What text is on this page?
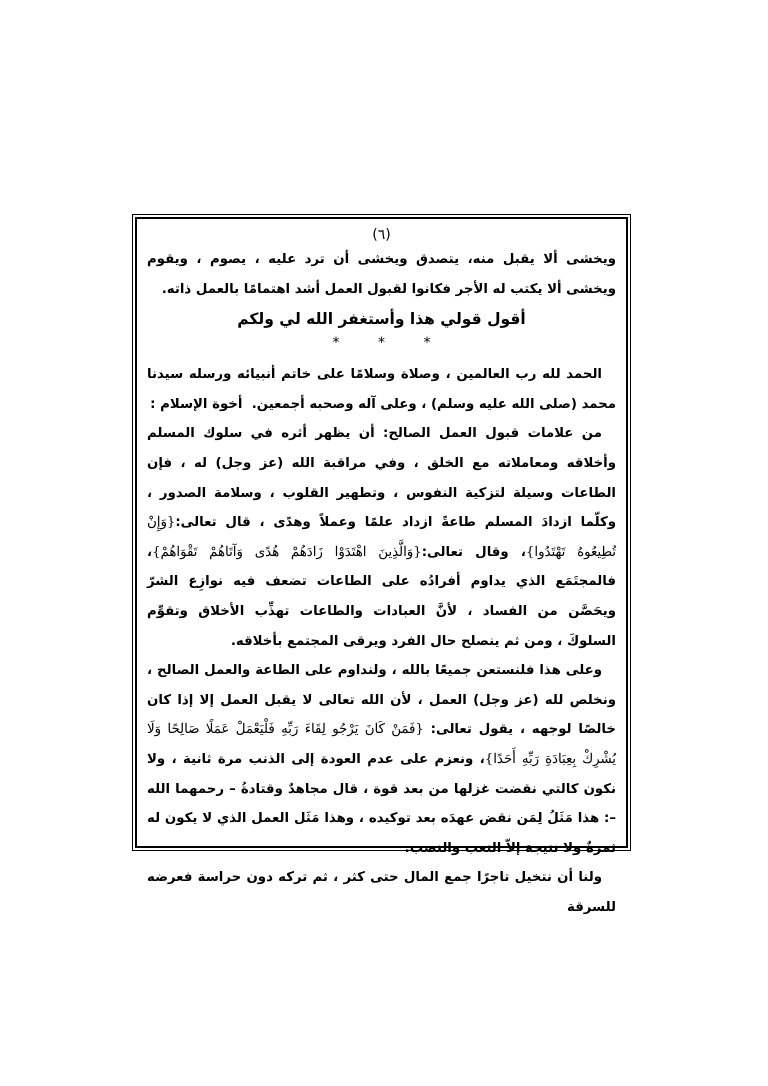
(٦)

ويخشى ألا يقبل منه، يتصدق ويخشى أن ترد عليه ، يصوم ، ويقوم ويخشى ألا يكتب له الأجر فكانوا لقبول العمل أشد اهتمامًا بالعمل ذاته.

أقول قولي هذا وأستغفر الله لي ولكم

* * *

الحمد لله رب العالمين ، وصلاة وسلامًا على خاتم أنبيائه ورسله سيدنا محمد (صلى الله عليه وسلم) ، وعلى آله وصحبه أجمعين.  أخوة الإسلام :

من علامات قبول العمل الصالح: أن يظهر أثره في سلوك المسلم وأخلاقه ومعاملاته مع الخلق ، وفي مراقبة الله (عز وجل) له ، فإن الطاعات وسيلة لتزكية النفوس ، وتطهير القلوب ، وسلامة الصدور ، وكلّما ازدادَ المسلم طاعةً ازداد علمًا وعملاً وهدًى ، قال تعالى:{وَإِنْ تُطِيعُوهُ تَهْتَدُوا}، وقال تعالى:{وَالَّذِينَ اهْتَدَوْا زَادَهُمْ هُدًى وَآتَاهُمْ تَقْوَاهُمْ}، فالمجتَمَع الذي يداوم أفرادُه على الطاعات تضعف فيه نوازِع الشرّ ويحَصَّن من الفساد ، لأنَّ العبادات والطاعات تهذِّب الأخلاق وتقوِّم السلوكَ ، ومن ثم ينصلح حال الفرد ويرقى المجتمع بأخلاقه.

وعلى هذا فلنستعن جميعًا بالله ، ولنداوم على الطاعة والعمل الصالح ، ونخلص لله (عز وجل) العمل ، لأن الله تعالى لا يقبل العمل إلا إذا كان خالصًا لوجهه ، يقول تعالى: {فَمَنْ كَانَ يَرْجُو لِقَاءَ رَبِّهِ فَلْيَعْمَلْ عَمَلًا صَالِحًا وَلَا يُشْرِكْ بِعِبَادَةِ رَبِّهِ أَحَدًا}، ونعزم على عدم العودة إلى الذنب مرة ثانية ، ولا نكون كالتي نقضت غزلها من بعد قوة ، قال مجاهدٌ وقتادةُ – رحمهما الله –: هذا مَثَلُ لِمَن نقض عهدَه بعد توكيده ، وهذا مَثَل العمل الذي لا يكون له ثمرةٌ ولا نتيجة إلاّ التعب والنصب.

ولنا أن نتخيل تاجرًا جمع المال حتى كثر ، ثم تركه دون حراسة فعرضه للسرقة
